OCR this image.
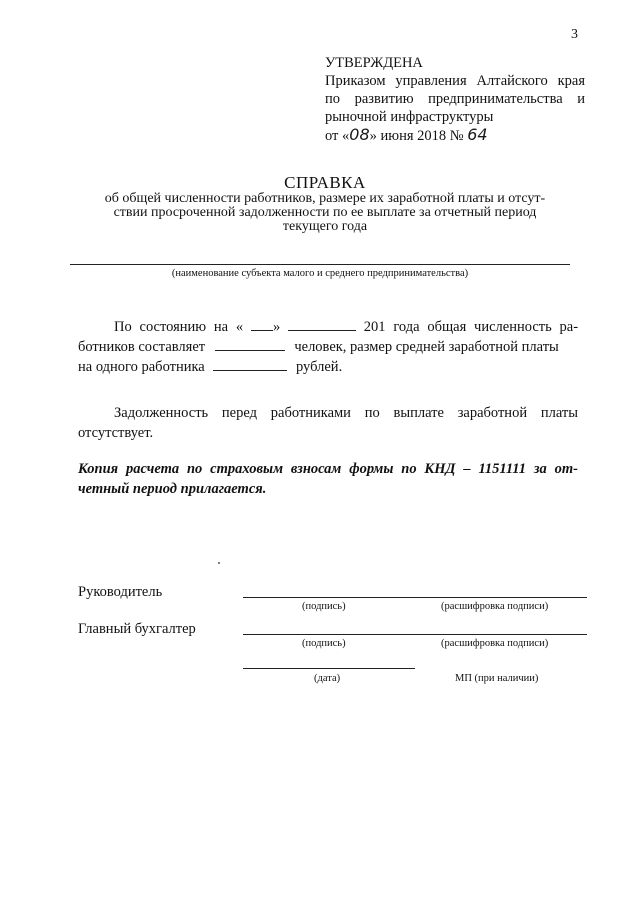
3
УТВЕРЖДЕНА
Приказом управления Алтайского края
по развитию предпринимательства и
рыночной инфраструктуры
от «08» июня 2018 № 64
СПРАВКА
об общей численности работников, размере их заработной платы и отсут-
ствии просроченной задолженности по ее выплате за отчетный период
текущего года
(наименование субъекта малого и среднего предпринимательства)
По состоянию на « »	201 года общая численность ра-
ботников составляет	человек, размер средней заработной платы
на одного работника	рублей.
Задолженность перед работниками по выплате заработной платы
отсутствует.
Копия расчета по страховым взносам формы по КНД – 1151111 за от-
четный период прилагается.
Руководитель
(подпись)	(расшифровка подписи)
Главный бухгалтер
(подпись)	(расшифровка подписи)
(дата)	МП (при наличии)
